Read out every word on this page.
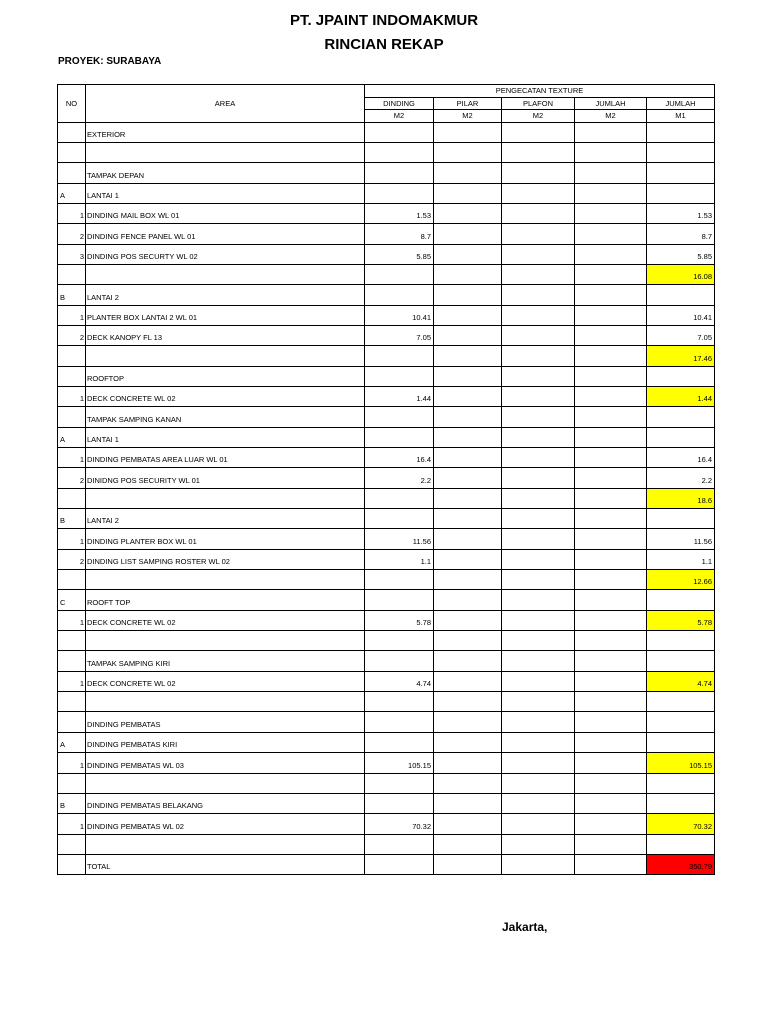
PT. JPAINT INDOMAKMUR
RINCIAN REKAP
PROYEK: SURABAYA
NO	AREA	PENGECATAN TEXTURE				
		DINDING	PILAR	PLAFON	JUMLAH	JUMLAH
		M2	M2	M2	M2	M1
	EXTERIOR					

	TAMPAK DEPAN					
A	LANTAI 1					
1	DINDING MAIL BOX WL 01	1.53				1.53
2	DINDING FENCE PANEL WL 01	8.7				8.7
3	DINDING POS SECURTY WL 02	5.85				5.85
						16.08
B	LANTAI 2					
1	PLANTER BOX LANTAI 2 WL 01	10.41				10.41
2	DECK KANOPY FL 13	7.05				7.05
						17.46
	ROOFTOP					
1	DECK CONCRETE WL 02	1.44				1.44
	TAMPAK SAMPING KANAN					
A	LANTAI 1					
1	DINDING PEMBATAS AREA LUAR WL 01	16.4				16.4
2	DINIDNG POS SECURITY WL 01	2.2				2.2
						18.6
B	LANTAI 2					
1	DINDING PLANTER BOX WL 01	11.56				11.56
2	DINDING LIST SAMPING ROSTER WL 02	1.1				1.1
						12.66
C	ROOFT TOP					
1	DECK CONCRETE WL 02	5.78				5.78

	TAMPAK SAMPING KIRI					
1	DECK CONCRETE WL 02	4.74				4.74

	DINDING PEMBATAS					
A	DINDING PEMBATAS KIRI					
1	DINDING PEMBATAS WL 03	105.15				105.15

B	DINDING PEMBATAS BELAKANG					
1	DINDING PEMBATAS WL 02	70.32				70.32

	TOTAL					350.79
Jakarta,
